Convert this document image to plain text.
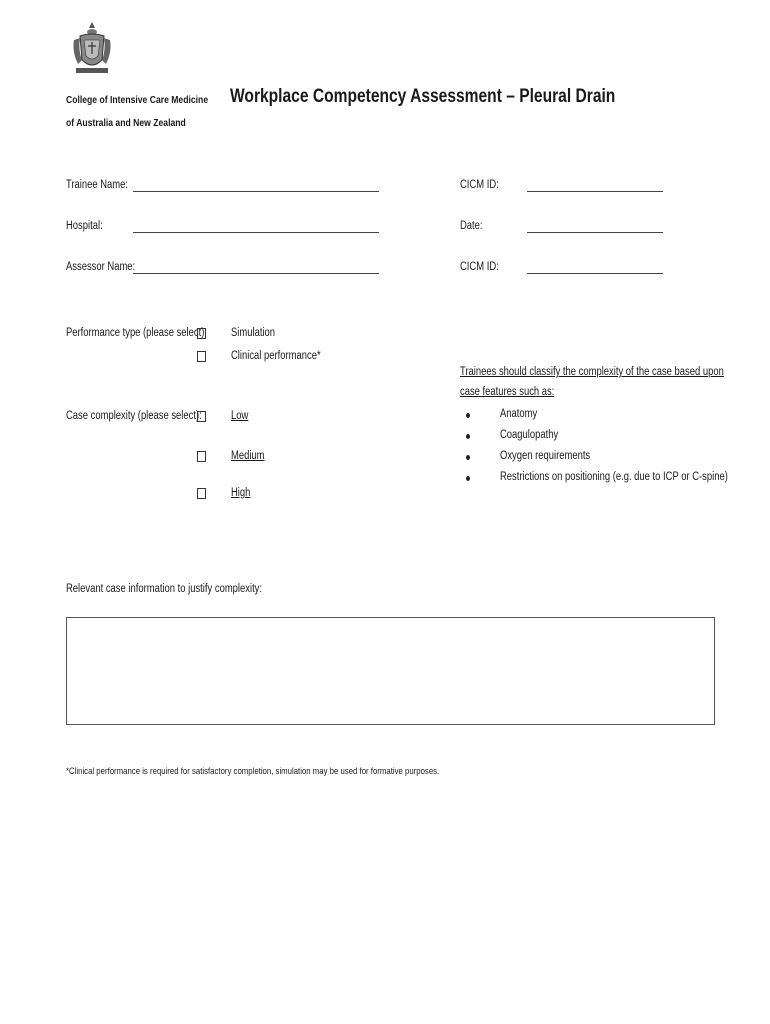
College of Intensive Care Medicine
of Australia and New Zealand
Workplace Competency Assessment – Pleural Drain
Trainee Name:
Hospital:
Assessor Name:
CICM ID:
Date:
CICM ID:
Performance type (please select): Simulation
Clinical performance*
Case complexity (please select):	Low
Medium
High
Trainees should classify the complexity of the case based upon
case features such as:
Anatomy
Coagulopathy
Oxygen requirements
Restrictions on positioning (e.g. due to ICP or C-spine)
Relevant case information to justify complexity:
*Clinical performance is required for satisfactory completion, simulation may be used for formative purposes.
